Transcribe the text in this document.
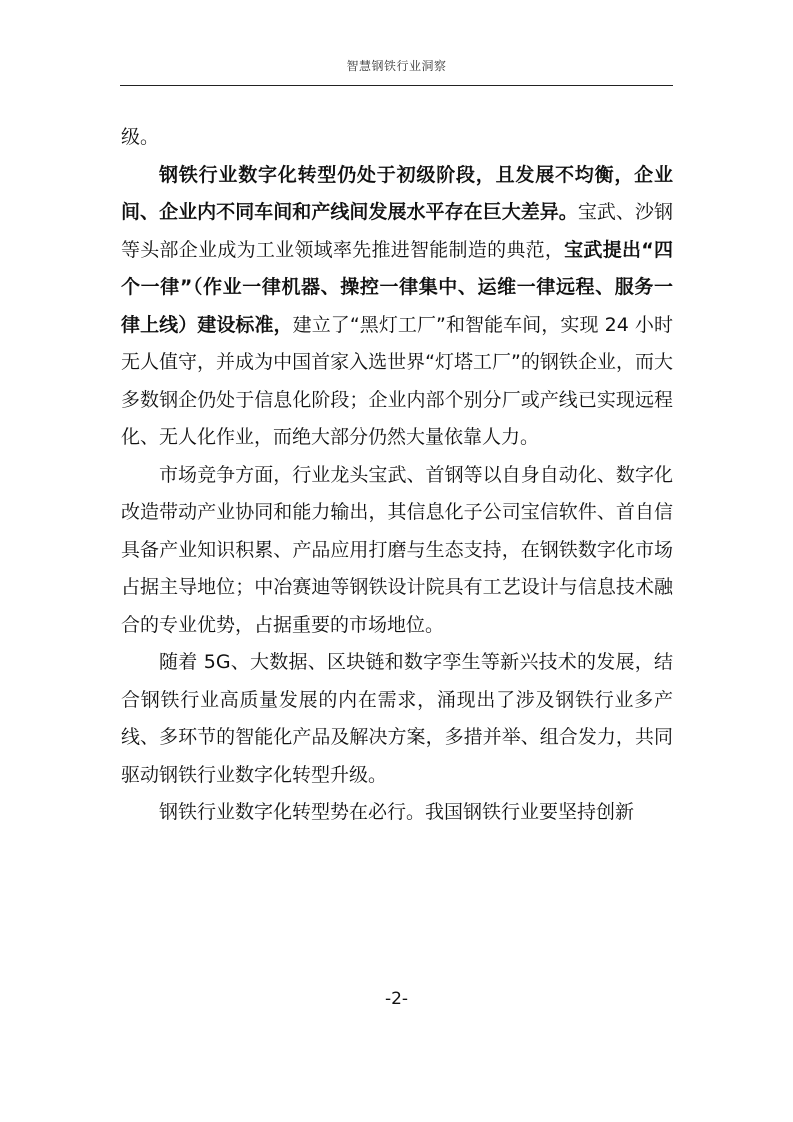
智慧钢铁行业洞察

级。

钢铁行业数字化转型仍处于初级阶段，且发展不均衡，企业间、企业内不同车间和产线间发展水平存在巨大差异。宝武、沙钢等头部企业成为工业领域率先推进智能制造的典范，宝武提出“四个一律”（作业一律机器、操控一律集中、运维一律远程、服务一律上线）建设标准，建立了“黑灯工厂”和智能车间，实现 24 小时无人值守，并成为中国首家入选世界“灯塔工厂”的钢铁企业，而大多数钢企仍处于信息化阶段；企业内部个别分厂或产线已实现远程化、无人化作业，而绝大部分仍然大量依靠人力。

市场竞争方面，行业龙头宝武、首钢等以自身自动化、数字化改造带动产业协同和能力输出，其信息化子公司宝信软件、首自信具备产业知识积累、产品应用打磨与生态支持，在钢铁数字化市场占据主导地位；中冶赛迪等钢铁设计院具有工艺设计与信息技术融合的专业优势，占据重要的市场地位。

随着 5G、大数据、区块链和数字孪生等新兴技术的发展，结合钢铁行业高质量发展的内在需求，涌现出了涉及钢铁行业多产线、多环节的智能化产品及解决方案，多措并举、组合发力，共同驱动钢铁行业数字化转型升级。

钢铁行业数字化转型势在必行。我国钢铁行业要坚持创新

-2-
